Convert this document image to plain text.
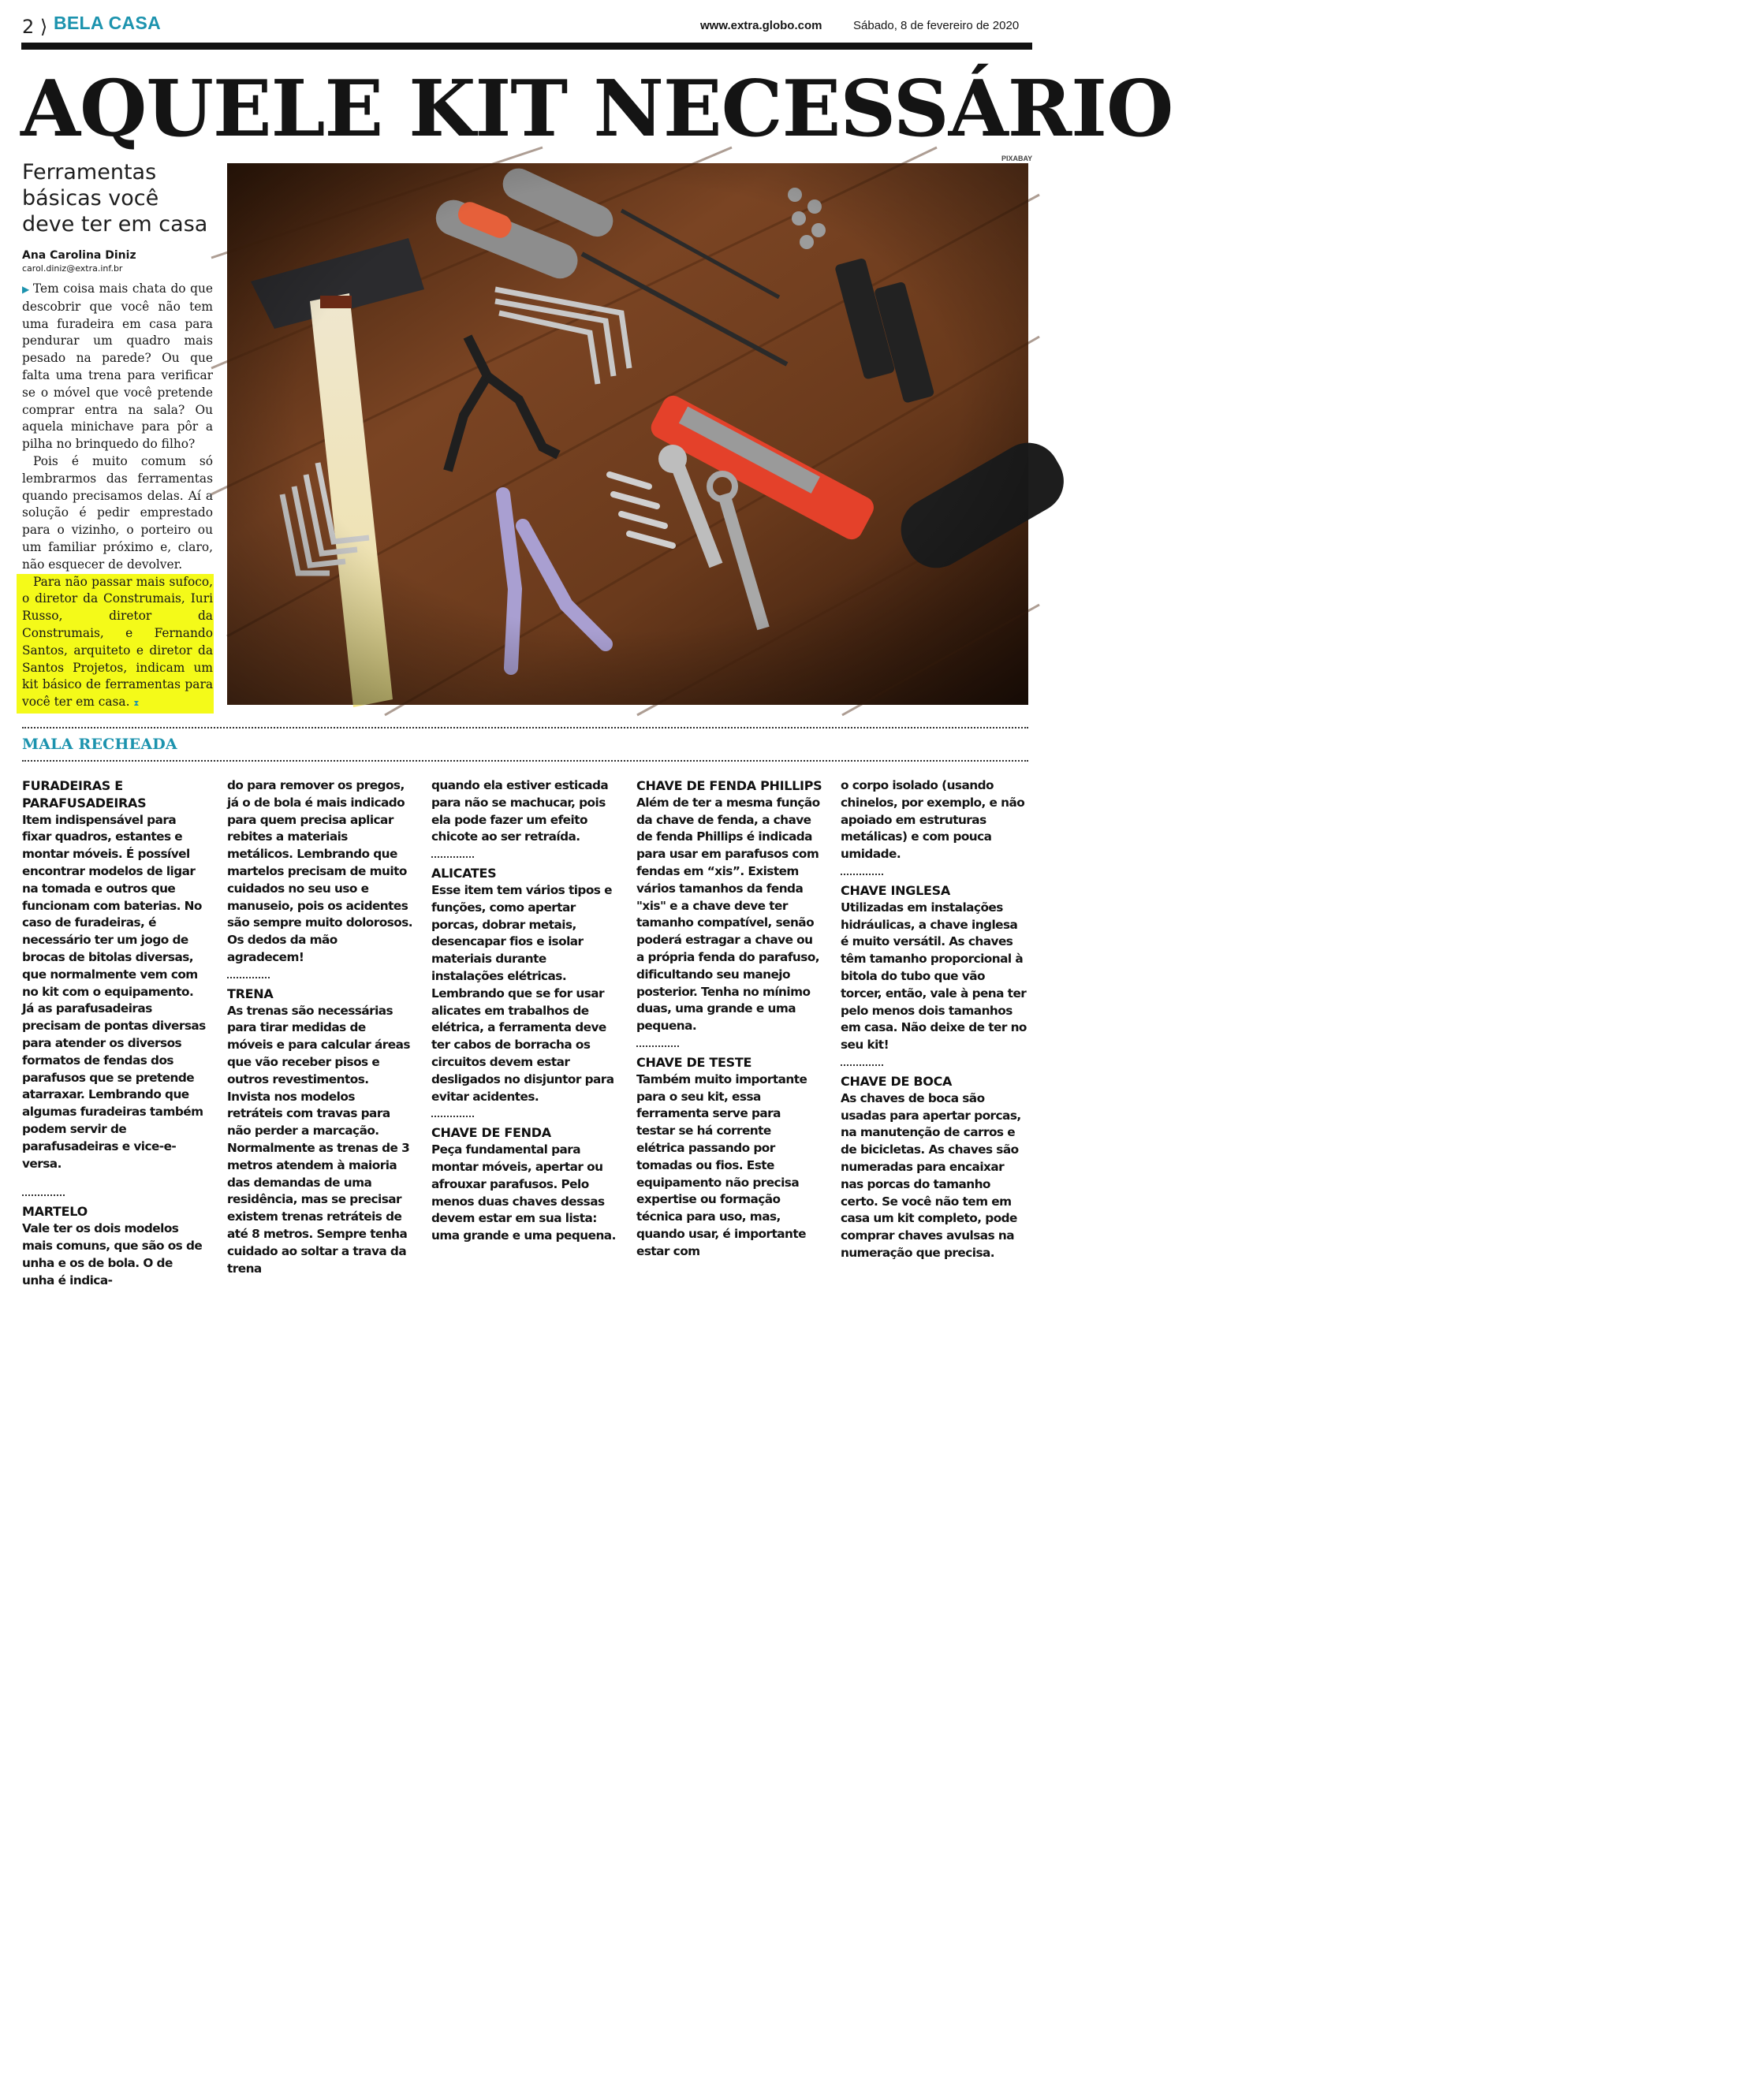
2 ⟩ BELA CASA	www.extra.globo.com	Sábado, 8 de fevereiro de 2020
AQUELE KIT NECESSÁRIO
Ferramentas básicas você deve ter em casa
Ana Carolina Diniz
carol.diniz@extra.inf.br

▶ Tem coisa mais chata do que descobrir que você não tem uma furadeira em casa para pendurar um quadro mais pesado na parede? Ou que falta uma trena para verificar se o móvel que você pretende comprar entra na sala? Ou aquela minichave para pôr a pilha no brinquedo do filho?

Pois é muito comum só lembrarmos das ferramentas quando precisamos delas. Aí a solução é pedir emprestado para o vizinho, o porteiro ou um familiar próximo e, claro, não esquecer de devolver.

Para não passar mais sufoco, o diretor da Construmais, Iuri Russo, diretor da Construmais, e Fernando Santos, arquiteto e diretor da Santos Projetos, indicam um kit básico de ferramentas para você ter em casa. ⧗

PIXABAY
MALA RECHEADA
FURADEIRAS E PARAFUSADEIRAS
Item indispensável para fixar quadros, estantes e montar móveis. É possível encontrar modelos de ligar na tomada e outros que funcionam com baterias. No caso de furadeiras, é necessário ter um jogo de brocas de bitolas diversas, que normalmente vem com no kit com o equipamento. Já as parafusadeiras precisam de pontas diversas para atender os diversos formatos de fendas dos parafusos que se pretende atarraxar. Lembrando que algumas furadeiras também podem servir de parafusadeiras e vice-e-versa.
MARTELO
Vale ter os dois modelos mais comuns, que são os de unha e os de bola. O de unha é indica-
do para remover os pregos, já o de bola é mais indicado para quem precisa aplicar rebites a materiais metálicos. Lembrando que martelos precisam de muito cuidados no seu uso e manuseio, pois os acidentes são sempre muito dolorosos. Os dedos da mão agradecem!
TRENA
As trenas são necessárias para tirar medidas de móveis e para calcular áreas que vão receber pisos e outros revestimentos. Invista nos modelos retráteis com travas para não perder a marcação. Normalmente as trenas de 3 metros atendem à maioria das demandas de uma residência, mas se precisar existem trenas retráteis de até 8 metros. Sempre tenha cuidado ao soltar a trava da trena
quando ela estiver esticada para não se machucar, pois ela pode fazer um efeito chicote ao ser retraída.
ALICATES
Esse item tem vários tipos e funções, como apertar porcas, dobrar metais, desencapar fios e isolar materiais durante instalações elétricas. Lembrando que se for usar alicates em trabalhos de elétrica, a ferramenta deve ter cabos de borracha os circuitos devem estar desligados no disjuntor para evitar acidentes.
CHAVE DE FENDA
Peça fundamental para montar móveis, apertar ou afrouxar parafusos. Pelo menos duas chaves dessas devem estar em sua lista: uma grande e uma pequena.
CHAVE DE FENDA PHILLIPS
Além de ter a mesma função da chave de fenda, a chave de fenda Phillips é indicada para usar em parafusos com fendas em “xis”. Existem vários tamanhos da fenda "xis" e a chave deve ter tamanho compatível, senão poderá estragar a chave ou a própria fenda do parafuso, dificultando seu manejo posterior. Tenha no mínimo duas, uma grande e uma pequena.
CHAVE DE TESTE
Também muito importante para o seu kit, essa ferramenta serve para testar se há corrente elétrica passando por tomadas ou fios. Este equipamento não precisa expertise ou formação técnica para uso, mas, quando usar, é importante estar com
o corpo isolado (usando chinelos, por exemplo, e não apoiado em estruturas metálicas) e com pouca umidade.
CHAVE INGLESA
Utilizadas em instalações hidráulicas, a chave inglesa é muito versátil. As chaves têm tamanho proporcional à bitola do tubo que vão torcer, então, vale à pena ter pelo menos dois tamanhos em casa. Não deixe de ter no seu kit!
CHAVE DE BOCA
As chaves de boca são usadas para apertar porcas, na manutenção de carros e de bicicletas. As chaves são numeradas para encaixar nas porcas do tamanho certo. Se você não tem em casa um kit completo, pode comprar chaves avulsas na numeração que precisa.
